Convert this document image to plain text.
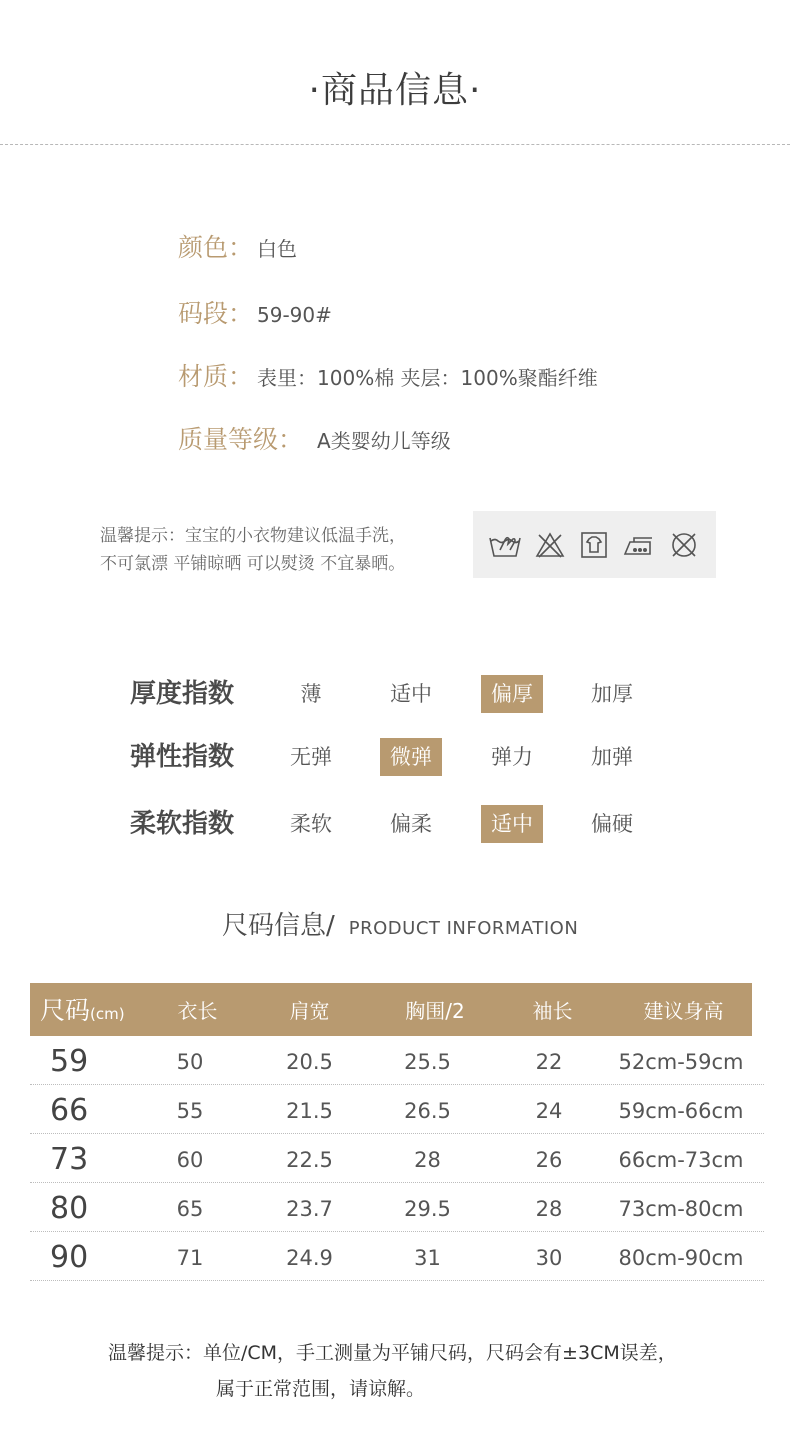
·商品信息·
颜色： 白色
码段： 59-90#
材质： 表里：100%棉 夹层：100%聚酯纤维
质量等级： A类婴幼儿等级
温馨提示：宝宝的小衣物建议低温手洗，
不可氯漂 平铺晾晒 可以熨烫 不宜暴晒。
厚度指数	薄	适中	偏厚	加厚
弹性指数	无弹	微弹	弹力	加弹
柔软指数	柔软	偏柔	适中	偏硬
尺码信息/ PRODUCT INFORMATION
尺码(cm)	衣长	肩宽	胸围/2	袖长	建议身高
59	50	20.5	25.5	22	52cm-59cm
66	55	21.5	26.5	24	59cm-66cm
73	60	22.5	28	26	66cm-73cm
80	65	23.7	29.5	28	73cm-80cm
90	71	24.9	31	30	80cm-90cm
温馨提示：单位/CM，手工测量为平铺尺码，尺码会有±3CM误差，
属于正常范围，请谅解。
